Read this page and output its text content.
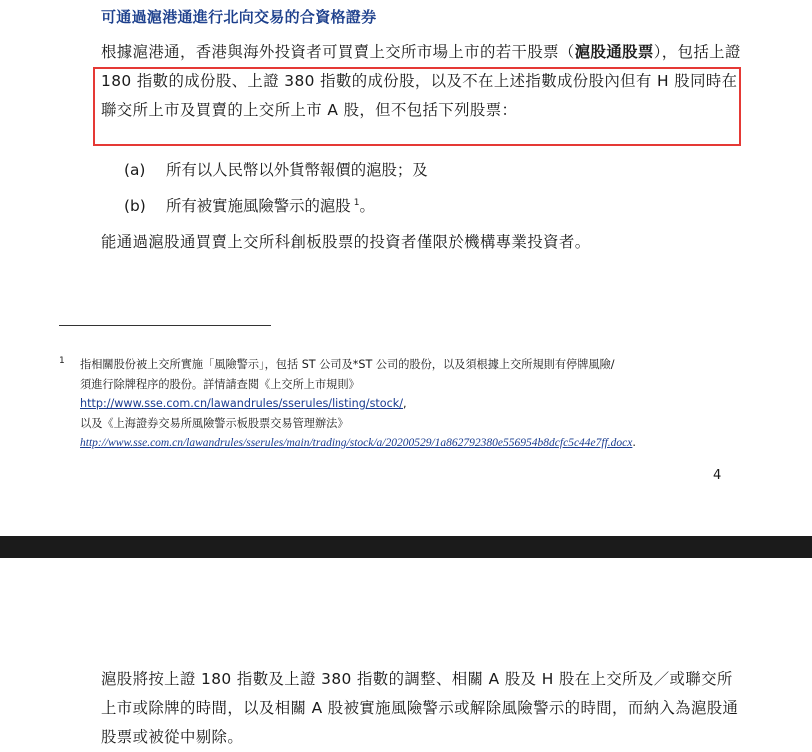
可通過滬港通進行北向交易的合資格證券

根據滬港通，香港與海外投資者可買賣上交所市場上市的若干股票（滬股通股票），包括上證 180 指數的成份股、上證 380 指數的成份股，以及不在上述指數成份股內但有 H 股同時在聯交所上市及買賣的上交所上市 A 股，但不包括下列股票：

(a) 所有以人民幣以外貨幣報價的滬股；及
(b) 所有被實施風險警示的滬股 $^1$。

能通過滬股通買賣上交所科創板股票的投資者僅限於機構專業投資者。

1 指相關股份被上交所實施「風險警示」，包括 ST 公司及*ST 公司的股份，以及須根據上交所規則有停牌風險/
須進行除牌程序的股份。詳情請查閱《上交所上市規則》
http://www.sse.com.cn/lawandrules/sserules/listing/stock/,
以及《上海證券交易所風險警示板股票交易管理辦法》
http://www.sse.com.cn/lawandrules/sserules/main/trading/stock/a/20200529/1a862792380e556954b8dcfc5c44e7ff.docx.
4

滬股將按上證 180 指數及上證 380 指數的調整、相關 A 股及 H 股在上交所及／或聯交所上市或除牌的時間，以及相關 A 股被實施風險警示或解除風險警示的時間，而納入為滬股通股票或被從中剔除。
